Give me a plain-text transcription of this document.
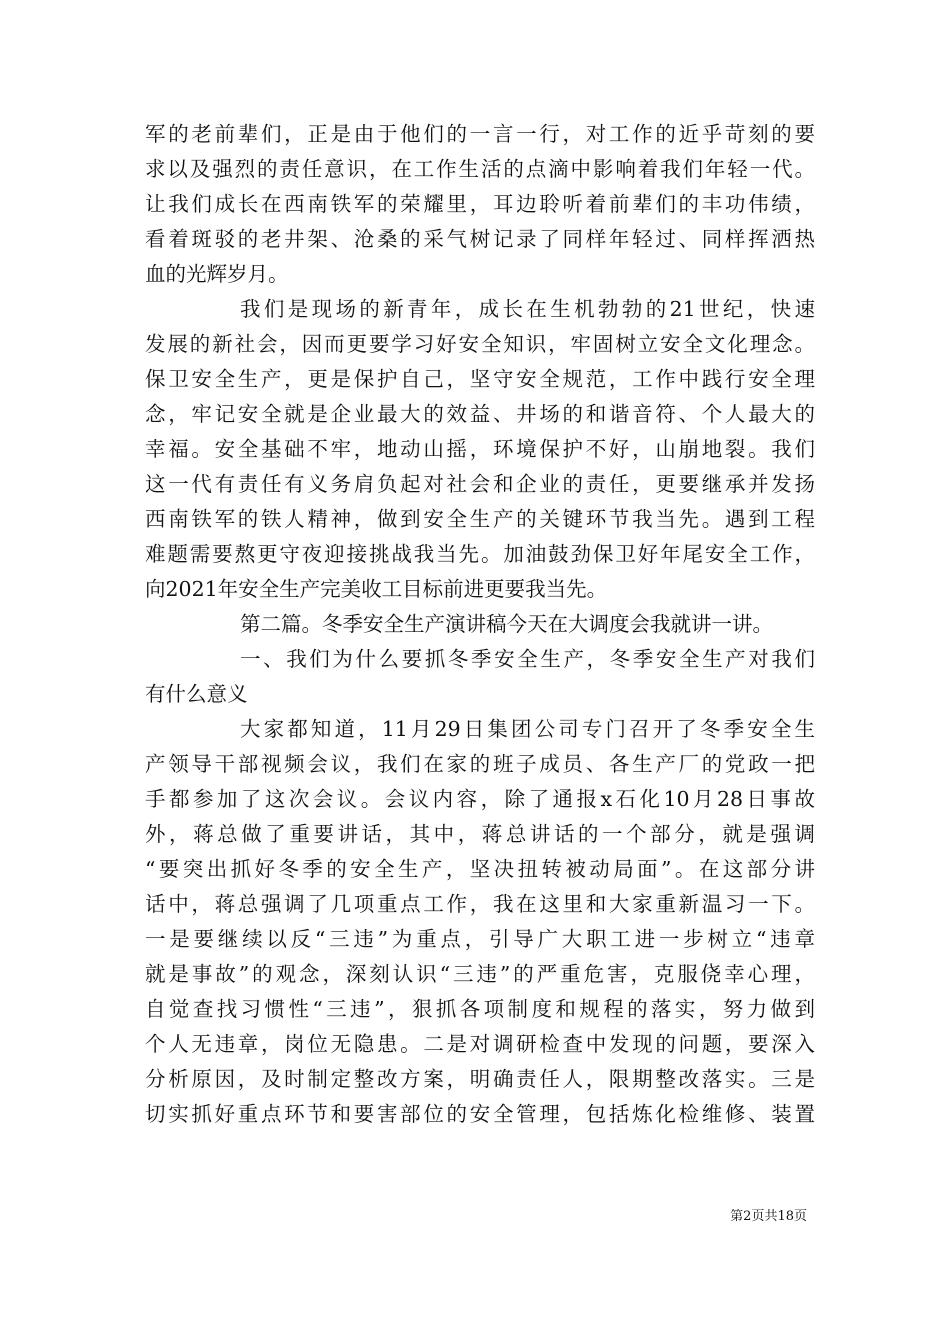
军的老前辈们，正是由于他们的一言一行，对工作的近乎苛刻的要
求以及强烈的责任意识，在工作生活的点滴中影响着我们年轻一代。
让我们成长在西南铁军的荣耀里，耳边聆听着前辈们的丰功伟绩，
看着斑驳的老井架、沧桑的采气树记录了同样年轻过、同样挥洒热
血的光辉岁月。
我们是现场的新青年，成长在生机勃勃的21世纪，快速
发展的新社会，因而更要学习好安全知识，牢固树立安全文化理念。
保卫安全生产，更是保护自己，坚守安全规范，工作中践行安全理
念，牢记安全就是企业最大的效益、井场的和谐音符、个人最大的
幸福。安全基础不牢，地动山摇，环境保护不好，山崩地裂。我们
这一代有责任有义务肩负起对社会和企业的责任，更要继承并发扬
西南铁军的铁人精神，做到安全生产的关键环节我当先。遇到工程
难题需要熬更守夜迎接挑战我当先。加油鼓劲保卫好年尾安全工作，
向2021年安全生产完美收工目标前进更要我当先。
第二篇。冬季安全生产演讲稿今天在大调度会我就讲一讲。
一、我们为什么要抓冬季安全生产，冬季安全生产对我们
有什么意义
大家都知道，11月29日集团公司专门召开了冬季安全生
产领导干部视频会议，我们在家的班子成员、各生产厂的党政一把
手都参加了这次会议。会议内容，除了通报x石化10月28日事故
外，蒋总做了重要讲话，其中，蒋总讲话的一个部分，就是强调
“要突出抓好冬季的安全生产，坚决扭转被动局面”。在这部分讲
话中，蒋总强调了几项重点工作，我在这里和大家重新温习一下。
一是要继续以反“三违”为重点，引导广大职工进一步树立“违章
就是事故”的观念，深刻认识“三违”的严重危害，克服侥幸心理，
自觉查找习惯性“三违”，狠抓各项制度和规程的落实，努力做到
个人无违章，岗位无隐患。二是对调研检查中发现的问题，要深入
分析原因，及时制定整改方案，明确责任人，限期整改落实。三是
切实抓好重点环节和要害部位的安全管理，包括炼化检维修、装置
第2页共18页
